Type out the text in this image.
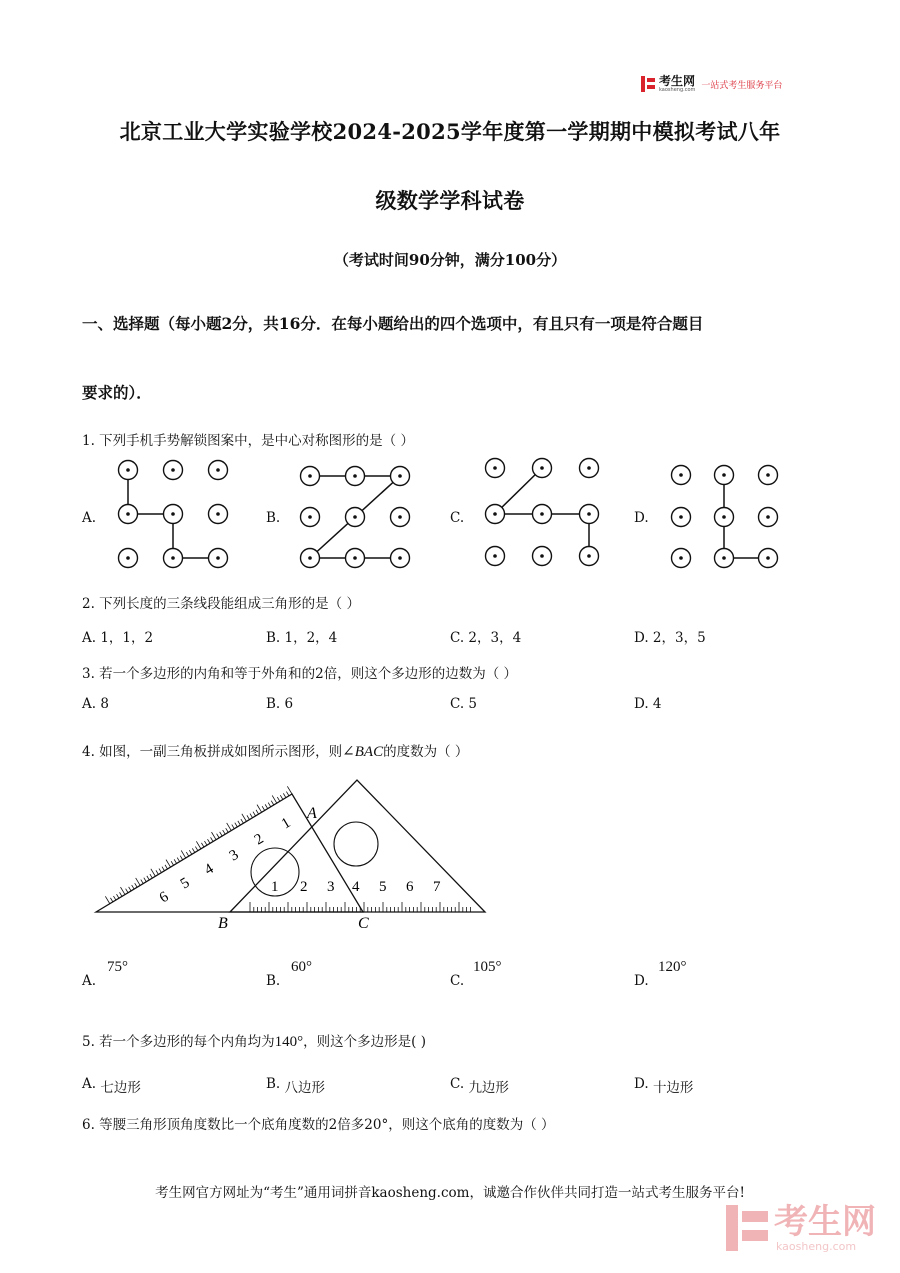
考生网
kaosheng.com 一站式考生服务平台
北京工业大学实验学校2024-2025学年度第一学期期中模拟考试八年
级数学学科试卷
（考试时间90分钟，满分100分）
一、选择题（每小题2分，共16分．在每小题给出的四个选项中，有且只有一项是符合题目
要求的）．
1. 下列手机手势解锁图案中，是中心对称图形的是（ ）
A.	B.	C.	D.
2. 下列长度的三条线段能组成三角形的是（ ）
A. 1，1，2	B. 1，2，4	C. 2，3，4	D. 2，3，5
3. 若一个多边形的内角和等于外角和的2倍，则这个多边形的边数为（ ）
A. 8	B. 6	C. 5	D. 4
4. 如图，一副三角板拼成如图所示图形，则∠BAC的度数为（ ）
1
2
3
4
5
6
1 2 3 4 5 6 7
A
B	C
A.
75°
B.
60°
C.
105°
D.
120°
5. 若一个多边形的每个内角均为140°，则这个多边形是( )
A. 七边形	B. 八边形	C. 九边形	D. 十边形
6. 等腰三角形顶角度数比一个底角度数的2倍多20°，则这个底角的度数为（ ）
考生网官方网址为“考生”通用词拼音kaosheng.com，诚邀合作伙伴共同打造一站式考生服务平台!
考生网
kaosheng.com
